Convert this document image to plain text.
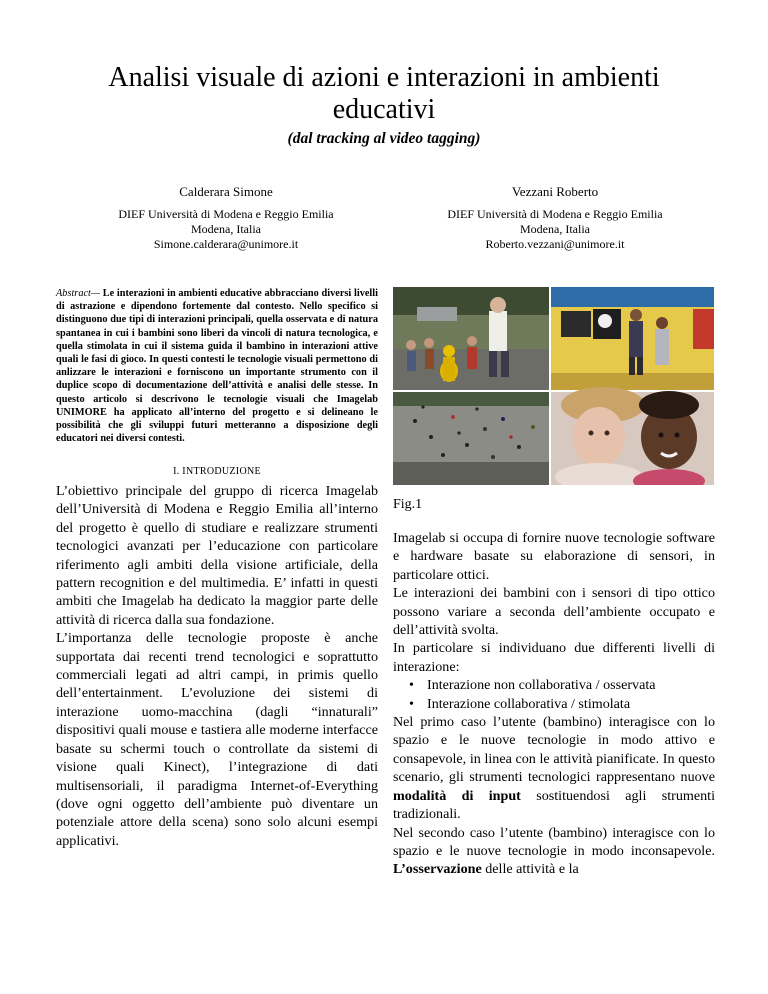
Analisi visuale di azioni e interazioni in ambienti educativi
(dal tracking al video tagging)
Calderara Simone
DIEF Università di Modena e Reggio Emilia
Modena, Italia
Simone.calderara@unimore.it
Vezzani Roberto
DIEF Università di Modena e Reggio Emilia
Modena, Italia
Roberto.vezzani@unimore.it
Abstract— Le interazioni in ambienti educative abbracciano diversi livelli di astrazione e dipendono fortemente dal contesto. Nello specifico si distinguono due tipi di interazioni principali, quella osservata e di natura spantanea in cui i bambini sono liberi da vincoli di natura tecnologica, e quella stimolata in cui il sistema guida il bambino in interazioni attive quali le fasi di gioco. In questi contesti le tecnologie visuali permettono di anlizzare le interazioni e forniscono un importante strumento con il duplice scopo di documentazione dell’attività e analisi delle stesse. In questo articolo si descrivono le tecnologie visuali che Imagelab UNIMORE ha applicato all’interno del progetto e si delineano le possibilità che gli sviluppi futuri metteranno a disposizione degli educatori nei diversi contesti.
I. INTRODUZIONE

L’obiettivo principale del gruppo di ricerca Imagelab dell’Università di Modena e Reggio Emilia all’interno del progetto è quello di studiare e realizzare strumenti tecnologici avanzati per l’educazione con particolare riferimento agli ambiti della visione artificiale, della pattern recognition e del multimedia. E’ infatti in questi ambiti che Imagelab ha dedicato la maggior parte delle attività di ricerca dalla sua fondazione.

L’importanza delle tecnologie proposte è anche supportata dai recenti trend tecnologici e soprattutto commerciali legati ad altri campi, in primis quello dell’entertainment. L’evoluzione dei sistemi di interazione uomo-macchina (dagli “innaturali” dispositivi quali mouse e tastiera alle moderne interfacce basate su schermi touch o controllate da sistemi di visione quali Kinect), l’integrazione di dati multisensoriali, il paradigma Internet-of-Everything (dove ogni oggetto dell’ambiente può diventare un potenziale attore della scena) sono solo alcuni esempi applicativi.

Fig.1

Imagelab si occupa di fornire nuove tecnologie software e hardware basate su elaborazione di sensori, in particolare ottici.

Le interazioni dei bambini con i sensori di tipo ottico possono variare a seconda dell’ambiente occupato e dell’attività svolta.

In particolare si individuano due differenti livelli di interazione:

• Interazione non collaborativa / osservata
• Interazione collaborativa / stimolata

Nel primo caso l’utente (bambino) interagisce con lo spazio e le nuove tecnologie in modo attivo e consapevole, in linea con le attività pianificate. In questo scenario, gli strumenti tecnologici rappresentano nuove modalità di input sostituendosi agli strumenti tradizionali.

Nel secondo caso l’utente (bambino) interagisce con lo spazio e le nuove tecnologie in modo inconsapevole. L’osservazione delle attività e la
